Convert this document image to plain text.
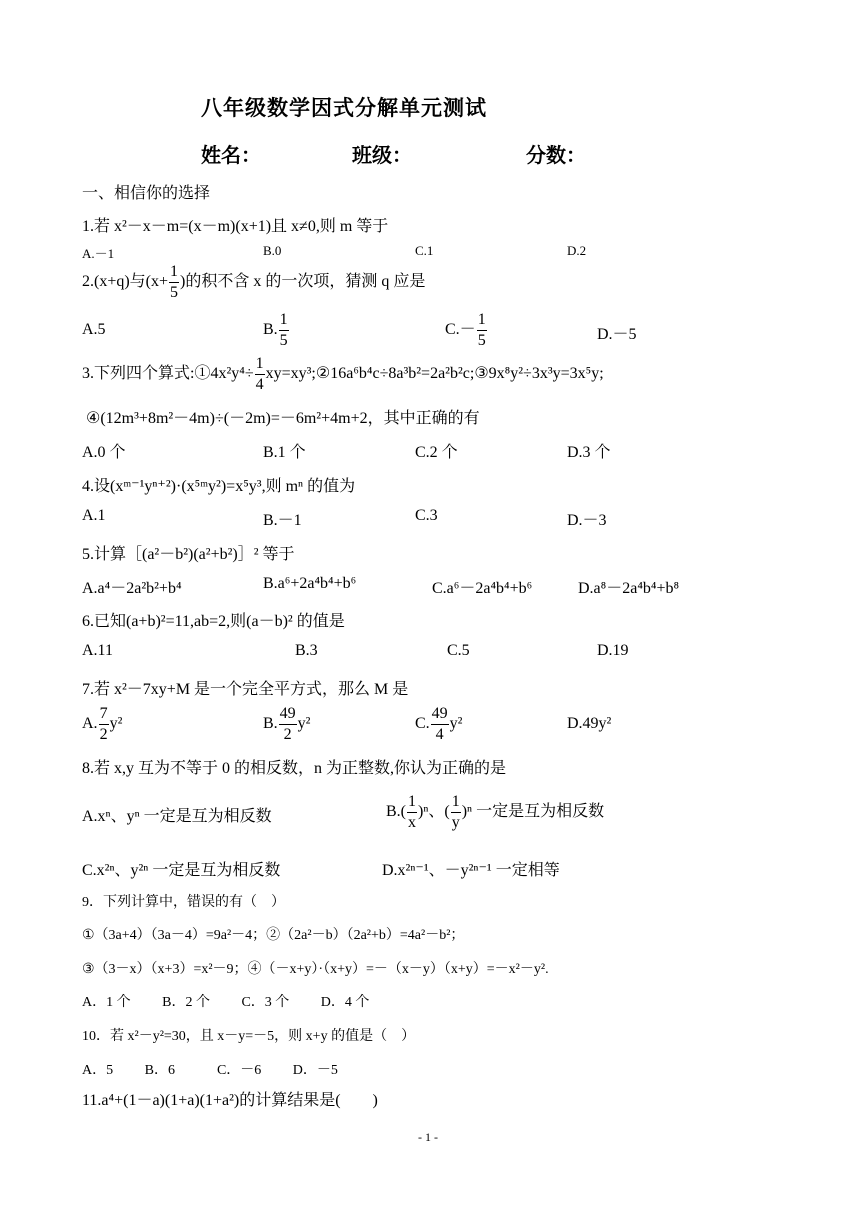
八年级数学因式分解单元测试
姓名：	班级：	分数：
一、相信你的选择
1.若 x²－x－m=(x－m)(x+1)且 x≠0,则 m 等于
A.－1	B.0	C.1	D.2
2.(x+q)与($x+ \frac{1}{5}$ )的积不含 x 的一次项，猜测 q 应是
A.5	B. $\frac{1}{5}$	$C.- \frac{1}{5}$	D.－5
3.下列四个算式:①4x²y⁴÷ $\frac{1}{4}$ xy=xy³;②16a⁶b⁴c÷8a³b²=2a²b²c;③9x⁸y²÷3x³y=3x⁵y;
④(12m³+8m²－4m)÷(－2m)=－6m²+4m+2，其中正确的有
A.0 个	B.1 个	C.2 个	D.3 个
4.设(xᵐ⁻¹yⁿ⁺²)·(x⁵ᵐy²)=x⁵y³,则 mⁿ 的值为
A.1	B.－1	C.3	D.－3
5.计算［(a²－b²)(a²+b²)］² 等于
A.a⁴－2a²b²+b⁴	B.a⁶+2a⁴b⁴+b⁶	C.a⁶－2a⁴b⁴+b⁶	D.a⁸－2a⁴b⁴+b⁸
6.已知(a+b)²=11,ab=2,则(a－b)² 的值是
A.11	B.3	C.5	D.19
7.若 x²－7xy+M 是一个完全平方式，那么 M 是
A. $\frac{7}{2} y^2$	B. $\frac{49}{2} y^2$	C. $\frac{49}{4} y^2$	D.49y²
8.若 x,y 互为不等于 0 的相反数，n 为正整数,你认为正确的是
A.xⁿ、yⁿ 一定是互为相反数	$B.( \frac{1}{x} )^n$、( $\frac{1}{y} )^n$ 一定是互为相反数
C.x²ⁿ、y²ⁿ 一定是互为相反数	D.x²ⁿ⁻¹、－y²ⁿ⁻¹ 一定相等
9．下列计算中，错误的有（　）
①（3a+4）（3a－4）=9a²－4；②（2a²－b）（2a²+b）=4a²－b²；
③（3－x）（x+3）=x²－9；④（－x+y）·（x+y）=－（x－y）（x+y）=－x²－y².
A．1 个　　 B．2 个　　 C．3 个　　 D．4 个
10．若 x²－y²=30，且 x－y=－5，则 x+y 的值是（　）
A．5　　 B．6　　　C．－6　　 D．－5
11.a⁴+(1－a)(1+a)(1+a²)的计算结果是(　　)
- 1 -
